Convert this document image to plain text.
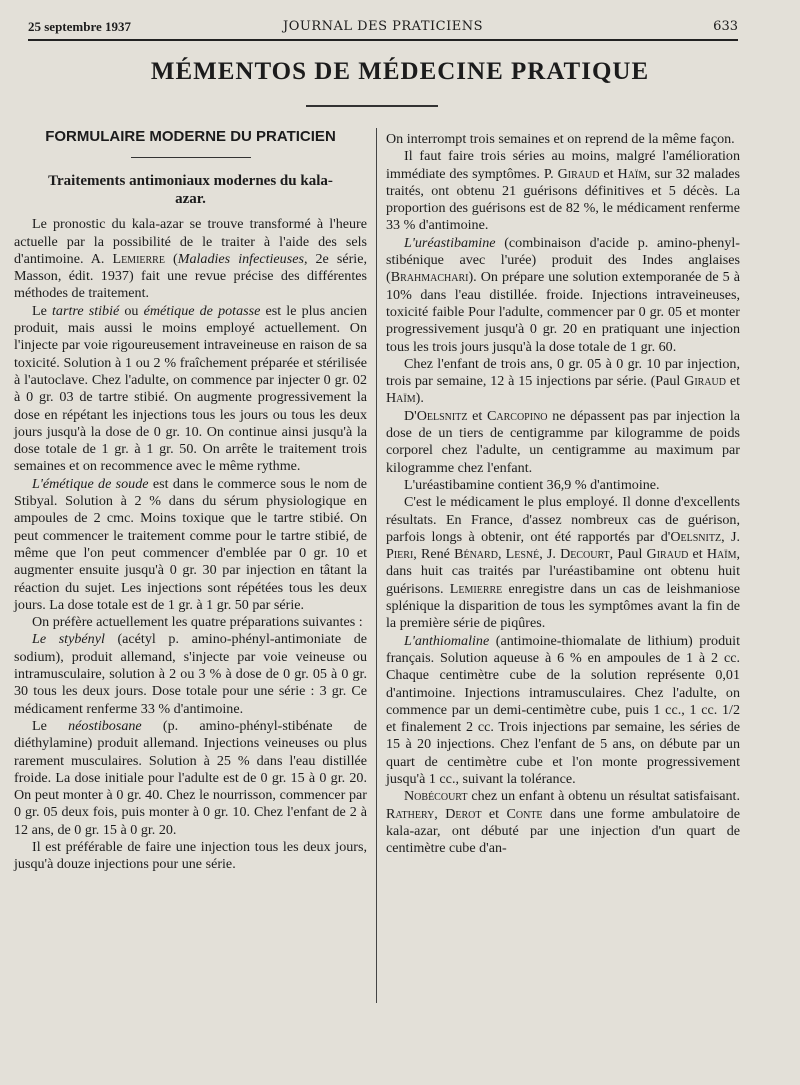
25 septembre 1937	JOURNAL DES PRATICIENS	633
MÉMENTOS DE MÉDECINE PRATIQUE
FORMULAIRE MODERNE DU PRATICIEN
Traitements antimoniaux modernes du kala-azar.

Le pronostic du kala-azar se trouve transformé à l'heure actuelle par la possibilité de le traiter à l'aide des sels d'antimoine. A. Lemierre (Maladies infectieuses, 2e série, Masson, édit. 1937) fait une revue précise des différentes méthodes de traitement.

Le tartre stibié ou émétique de potasse est le plus ancien produit, mais aussi le moins employé actuellement. On l'injecte par voie rigoureusement intraveineuse en raison de sa toxicité. Solution à 1 ou 2 % fraîchement préparée et stérilisée à l'autoclave. Chez l'adulte, on commence par injecter 0 gr. 02 à 0 gr. 03 de tartre stibié. On augmente progressivement la dose en répétant les injections tous les jours ou tous les deux jours jusqu'à la dose de 0 gr. 10. On continue ainsi jusqu'à la dose totale de 1 gr. à 1 gr. 50. On arrête le traitement trois semaines et on recommence avec le même rythme.

L'émétique de soude est dans le commerce sous le nom de Stibyal. Solution à 2 % dans du sérum physiologique en ampoules de 2 cmc. Moins toxique que le tartre stibié. On peut commencer le traitement comme pour le tartre stibié, de même que l'on peut commencer d'emblée par 0 gr. 10 et augmenter ensuite jusqu'à 0 gr. 30 par injection en tâtant la réaction du sujet. Les injections sont répétées tous les deux jours. La dose totale est de 1 gr. à 1 gr. 50 par série.

On préfère actuellement les quatre préparations suivantes :

Le stybényl (acétyl p. amino-phényl-antimoniate de sodium), produit allemand, s'injecte par voie veineuse ou intramusculaire, solution à 2 ou 3 % à dose de 0 gr. 05 à 0 gr. 30 tous les deux jours. Dose totale pour une série : 3 gr. Ce médicament renferme 33 % d'antimoine.

Le néostibosane (p. amino-phényl-stibénate de diéthylamine) produit allemand. Injections veineuses ou plus rarement musculaires. Solution à 25 % dans l'eau distillée froide. La dose initiale pour l'adulte est de 0 gr. 15 à 0 gr. 20. On peut monter à 0 gr. 40. Chez le nourrisson, commencer par 0 gr. 05 deux fois, puis monter à 0 gr. 10. Chez l'enfant de 2 à 12 ans, de 0 gr. 15 à 0 gr. 20.

Il est préférable de faire une injection tous les deux jours, jusqu'à douze injections pour une série.

On interrompt trois semaines et on reprend de la même façon.

Il faut faire trois séries au moins, malgré l'amélioration immédiate des symptômes. P. Giraud et Haïm, sur 32 malades traités, ont obtenu 21 guérisons définitives et 5 décès. La proportion des guérisons est de 82 %, le médicament renferme 33 % d'antimoine.

L'uréastibamine (combinaison d'acide p. amino-phenyl-stibénique avec l'urée) produit des Indes anglaises (Brahmachari). On prépare une solution extemporanée de 5 à 10% dans l'eau distillée. froide. Injections intraveineuses, toxicité faible Pour l'adulte, commencer par 0 gr. 05 et monter progressivement jusqu'à 0 gr. 20 en pratiquant une injection tous les trois jours jusqu'à la dose totale de 1 gr. 60.

Chez l'enfant de trois ans, 0 gr. 05 à 0 gr. 10 par injection, trois par semaine, 12 à 15 injections par série. (Paul Giraud et Haïm).

D'Oelsnitz et Carcopino ne dépassent pas par injection la dose de un tiers de centigramme par kilogramme de poids corporel chez l'adulte, un centigramme au maximum par kilogramme chez l'enfant.

L'uréastibamine contient 36,9 % d'antimoine.

C'est le médicament le plus employé. Il donne d'excellents résultats. En France, d'assez nombreux cas de guérison, parfois longs à obtenir, ont été rapportés par d'Oelsnitz, J. Pieri, René Bénard, Lesné, J. Decourt, Paul Giraud et Haïm, dans huit cas traités par l'uréastibamine ont obtenu huit guérisons. Lemierre enregistre dans un cas de leishmaniose splénique la disparition de tous les symptômes avant la fin de la première série de piqûres.

L'anthiomaline (antimoine-thiomalate de lithium) produit français. Solution aqueuse à 6 % en ampoules de 1 à 2 cc. Chaque centimètre cube de la solution représente 0,01 d'antimoine. Injections intramusculaires. Chez l'adulte, on commence par un demi-centimètre cube, puis 1 cc., 1 cc. 1/2 et finalement 2 cc. Trois injections par semaine, les séries de 15 à 20 injections. Chez l'enfant de 5 ans, on débute par un quart de centimètre cube et l'on monte progressivement jusqu'à 1 cc., suivant la tolérance.

Nobécourt chez un enfant à obtenu un résultat satisfaisant. Rathery, Derot et Conte dans une forme ambulatoire de kala-azar, ont débuté par une injection d'un quart de centimètre cube d'an-
